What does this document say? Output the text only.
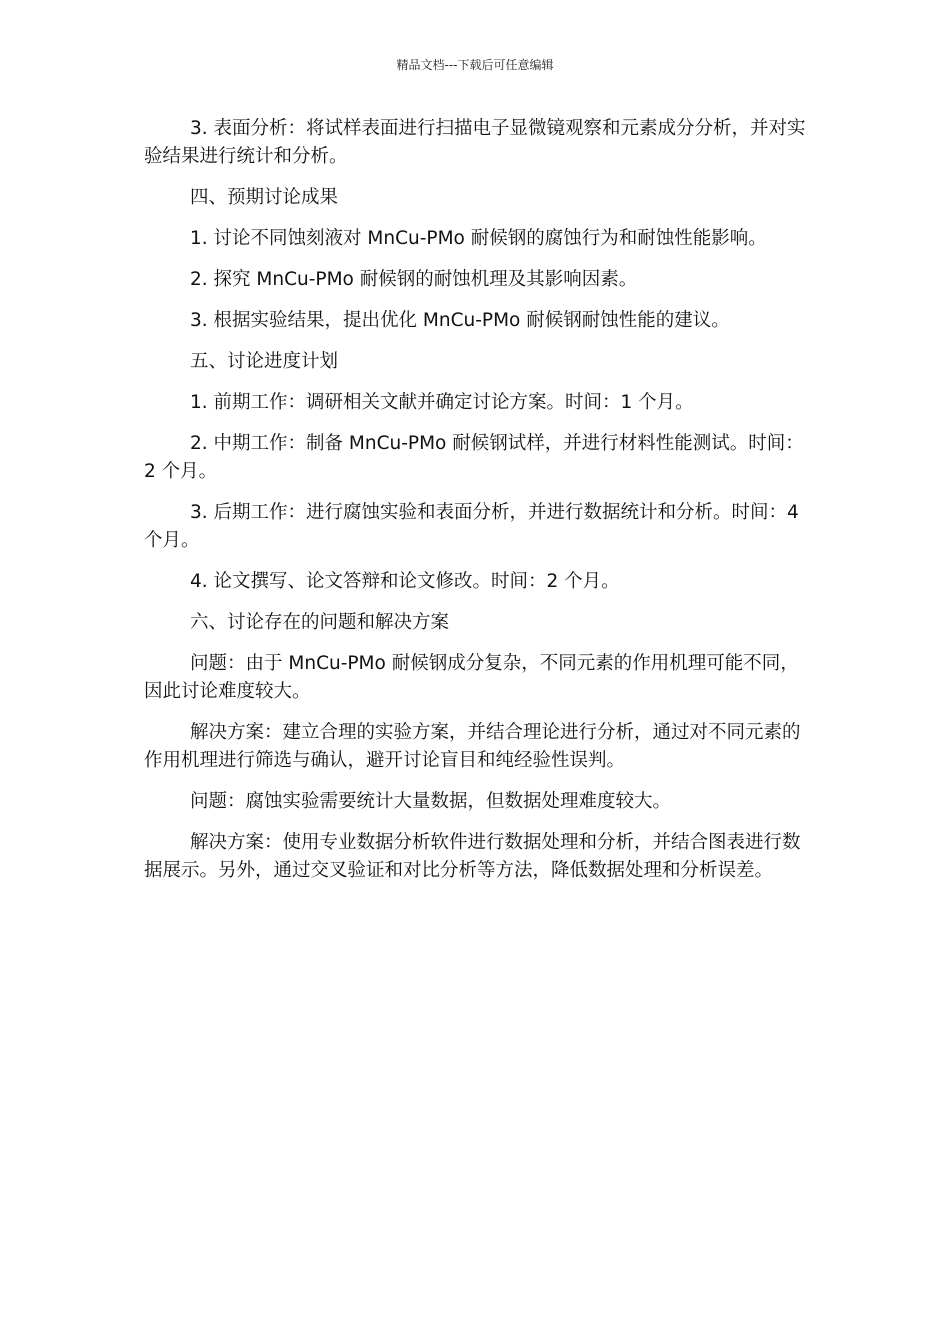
精品文档---下载后可任意编辑

3. 表面分析：将试样表面进行扫描电子显微镜观察和元素成分分析，并对实验结果进行统计和分析。

四、预期讨论成果

1. 讨论不同蚀刻液对 MnCu-PMo 耐候钢的腐蚀行为和耐蚀性能影响。

2. 探究 MnCu-PMo 耐候钢的耐蚀机理及其影响因素。

3. 根据实验结果，提出优化 MnCu-PMo 耐候钢耐蚀性能的建议。

五、讨论进度计划

1. 前期工作：调研相关文献并确定讨论方案。时间：1 个月。

2. 中期工作：制备 MnCu-PMo 耐候钢试样，并进行材料性能测试。时间：2 个月。

3. 后期工作：进行腐蚀实验和表面分析，并进行数据统计和分析。时间：4 个月。

4. 论文撰写、论文答辩和论文修改。时间：2 个月。

六、讨论存在的问题和解决方案

问题：由于 MnCu-PMo 耐候钢成分复杂，不同元素的作用机理可能不同，因此讨论难度较大。

解决方案：建立合理的实验方案，并结合理论进行分析，通过对不同元素的作用机理进行筛选与确认，避开讨论盲目和纯经验性误判。

问题：腐蚀实验需要统计大量数据，但数据处理难度较大。

解决方案：使用专业数据分析软件进行数据处理和分析，并结合图表进行数据展示。另外，通过交叉验证和对比分析等方法，降低数据处理和分析误差。
